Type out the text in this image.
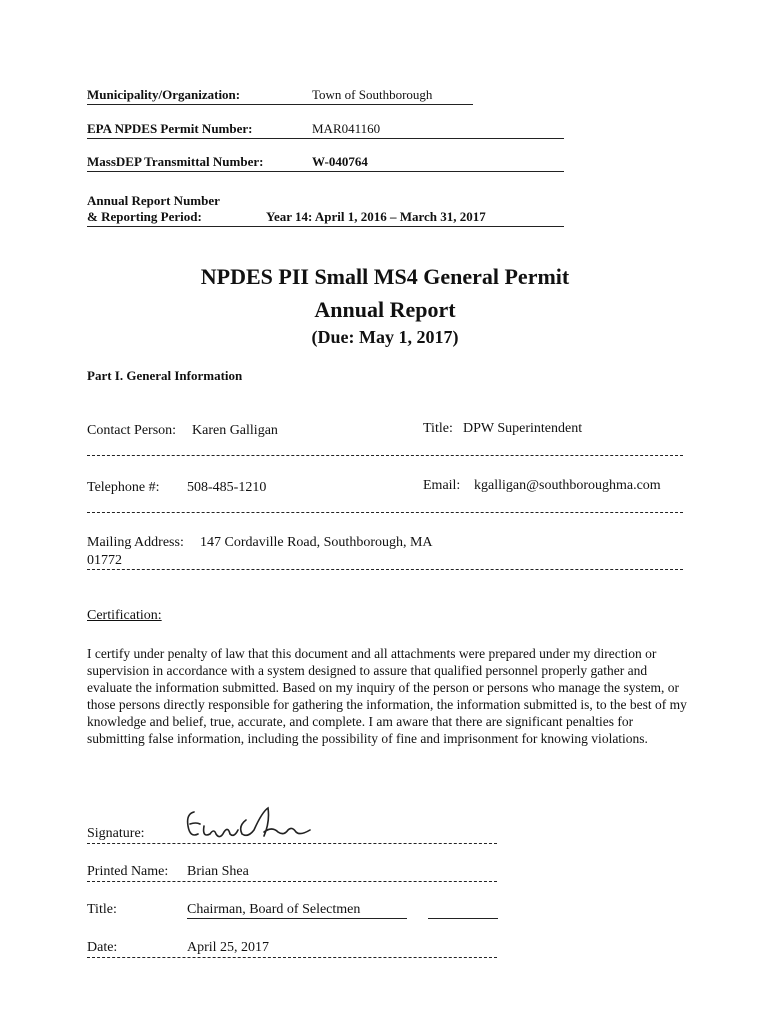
Municipality/Organization:	Town of Southborough
EPA NPDES Permit Number:	MAR041160
MassDEP Transmittal Number:	W-040764
Annual Report Number
& Reporting Period:	Year 14: April 1, 2016 – March 31, 2017
NPDES PII Small MS4 General Permit
Annual Report
(Due: May 1, 2017)
Part I. General Information
Contact Person: Karen Galligan	Title: DPW Superintendent
Telephone #: 508-485-1210	Email: kgalligan@southboroughma.com
Mailing Address: 147 Cordaville Road, Southborough, MA
01772
Certification:
I certify under penalty of law that this document and all attachments were prepared under my direction or supervision in accordance with a system designed to assure that qualified personnel properly gather and evaluate the information submitted. Based on my inquiry of the person or persons who manage the system, or those persons directly responsible for gathering the information, the information submitted is, to the best of my knowledge and belief, true, accurate, and complete. I am aware that there are significant penalties for submitting false information, including the possibility of fine and imprisonment for knowing violations.
Signature:
Printed Name: Brian Shea
Title:	Chairman, Board of Selectmen
Date:	April 25, 2017
